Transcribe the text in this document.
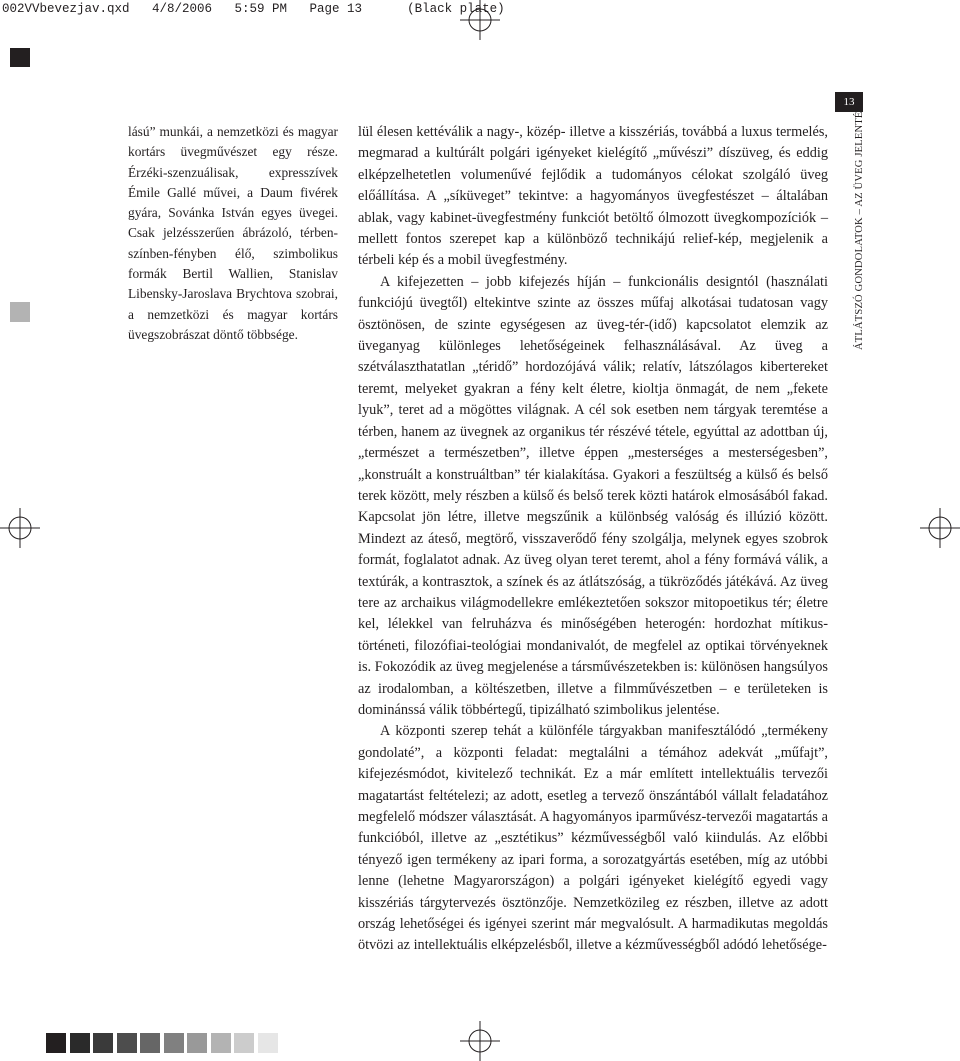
002VVbevezjav.qxd   4/8/2006   5:59 PM   Page 13      (Black plate)
13 ÁTLÁTSZÓ GONDOLATOK – AZ ÜVEG JELENTÉSE

lású” munkái, a nemzetközi és magyar kortárs üvegművészet egy része. Érzéki-szenzuálisak, expresszívek Émile Gallé művei, a Daum fivérek gyára, Sovánka István egyes üvegei. Csak jelzésszerűen ábrázoló, térben-színben-fényben élő, szimbolikus formák Bertil Wallien, Stanislav Libensky-Jaroslava Brychtova szobrai, a nemzetközi és magyar kortárs üvegszobrászat döntő többsége.

lül élesen kettéválik a nagy-, közép- illetve a kisszériás, továbbá a luxus termelés, megmarad a kultúrált polgári igényeket kielégítő „művészi” díszüveg, és eddig elképzelhetetlen volumenűvé fejlődik a tudományos célokat szolgáló üveg előállítása. A „síküveget” tekintve: a hagyományos üvegfestészet – általában ablak, vagy kabinet-üvegfestmény funkciót betöltő ólmozott üvegkompozíciók – mellett fontos szerepet kap a különböző technikájú relief-kép, megjelenik a térbeli kép és a mobil üvegfestmény.

A kifejezetten – jobb kifejezés híján – funkcionális designtól (használati funkciójú üvegtől) eltekintve szinte az összes műfaj alkotásai tudatosan vagy ösztönösen, de szinte egységesen az üveg-tér-(idő) kapcsolatot elemzik az üveganyag különleges lehetőségeinek felhasználásával. Az üveg a szétválaszthatatlan „téridő” hordozójává válik; relatív, látszólagos kibertereket teremt, melyeket gyakran a fény kelt életre, kioltja önmagát, de nem „fekete lyuk”, teret ad a mögöttes világnak. A cél sok esetben nem tárgyak teremtése a térben, hanem az üvegnek az organikus tér részévé tétele, egyúttal az adottban új, „természet a természetben”, illetve éppen „mesterséges a mesterségesben”, „konstruált a konstruáltban” tér kialakítása. Gyakori a feszültség a külső és belső terek között, mely részben a külső és belső terek közti határok elmosásából fakad. Kapcsolat jön létre, illetve megszűnik a különbség valóság és illúzió között. Mindezt az áteső, megtörő, visszaverődő fény szolgálja, melynek egyes szobrok formát, foglalatot adnak. Az üveg olyan teret teremt, ahol a fény formává válik, a textúrák, a kontrasztok, a színek és az átlátszóság, a tükröződés játékává. Az üveg tere az archaikus világmodellekre emlékeztetően sokszor mitopoetikus tér; életre kel, lélekkel van felruházva és minőségében heterogén: hordozhat mítikus-történeti, filozófiai-teológiai mondanivalót, de megfelel az optikai törvényeknek is. Fokozódik az üveg megjelenése a társművészetekben is: különösen hangsúlyos az irodalomban, a költészetben, illetve a filmművészetben – e területeken is dominánssá válik többértegű, tipizálható szimbolikus jelentése.

A központi szerep tehát a különféle tárgyakban manifesztálódó „termékeny gondolaté”, a központi feladat: megtalálni a témához adekvát „műfajt”, kifejezésmódot, kivitelező technikát. Ez a már említett intellektuális tervezői magatartást feltételezi; az adott, esetleg a tervező önszántából vállalt feladatához megfelelő módszer választását. A hagyományos iparművész-tervezői magatartás a funkcióból, illetve az „esztétikus” kézművességből való kiindulás. Az előbbi tényező igen termékeny az ipari forma, a sorozatgyártás esetében, míg az utóbbi lenne (lehetne Magyarországon) a polgári igényeket kielégítő egyedi vagy kisszériás tárgytervezés ösztönzője. Nemzetközileg ez részben, illetve az adott ország lehetőségei és igényei szerint már megvalósult. A harmadikutas megoldás ötvözi az intellektuális elképzelésből, illetve a kézművességből adódó lehetősége-
